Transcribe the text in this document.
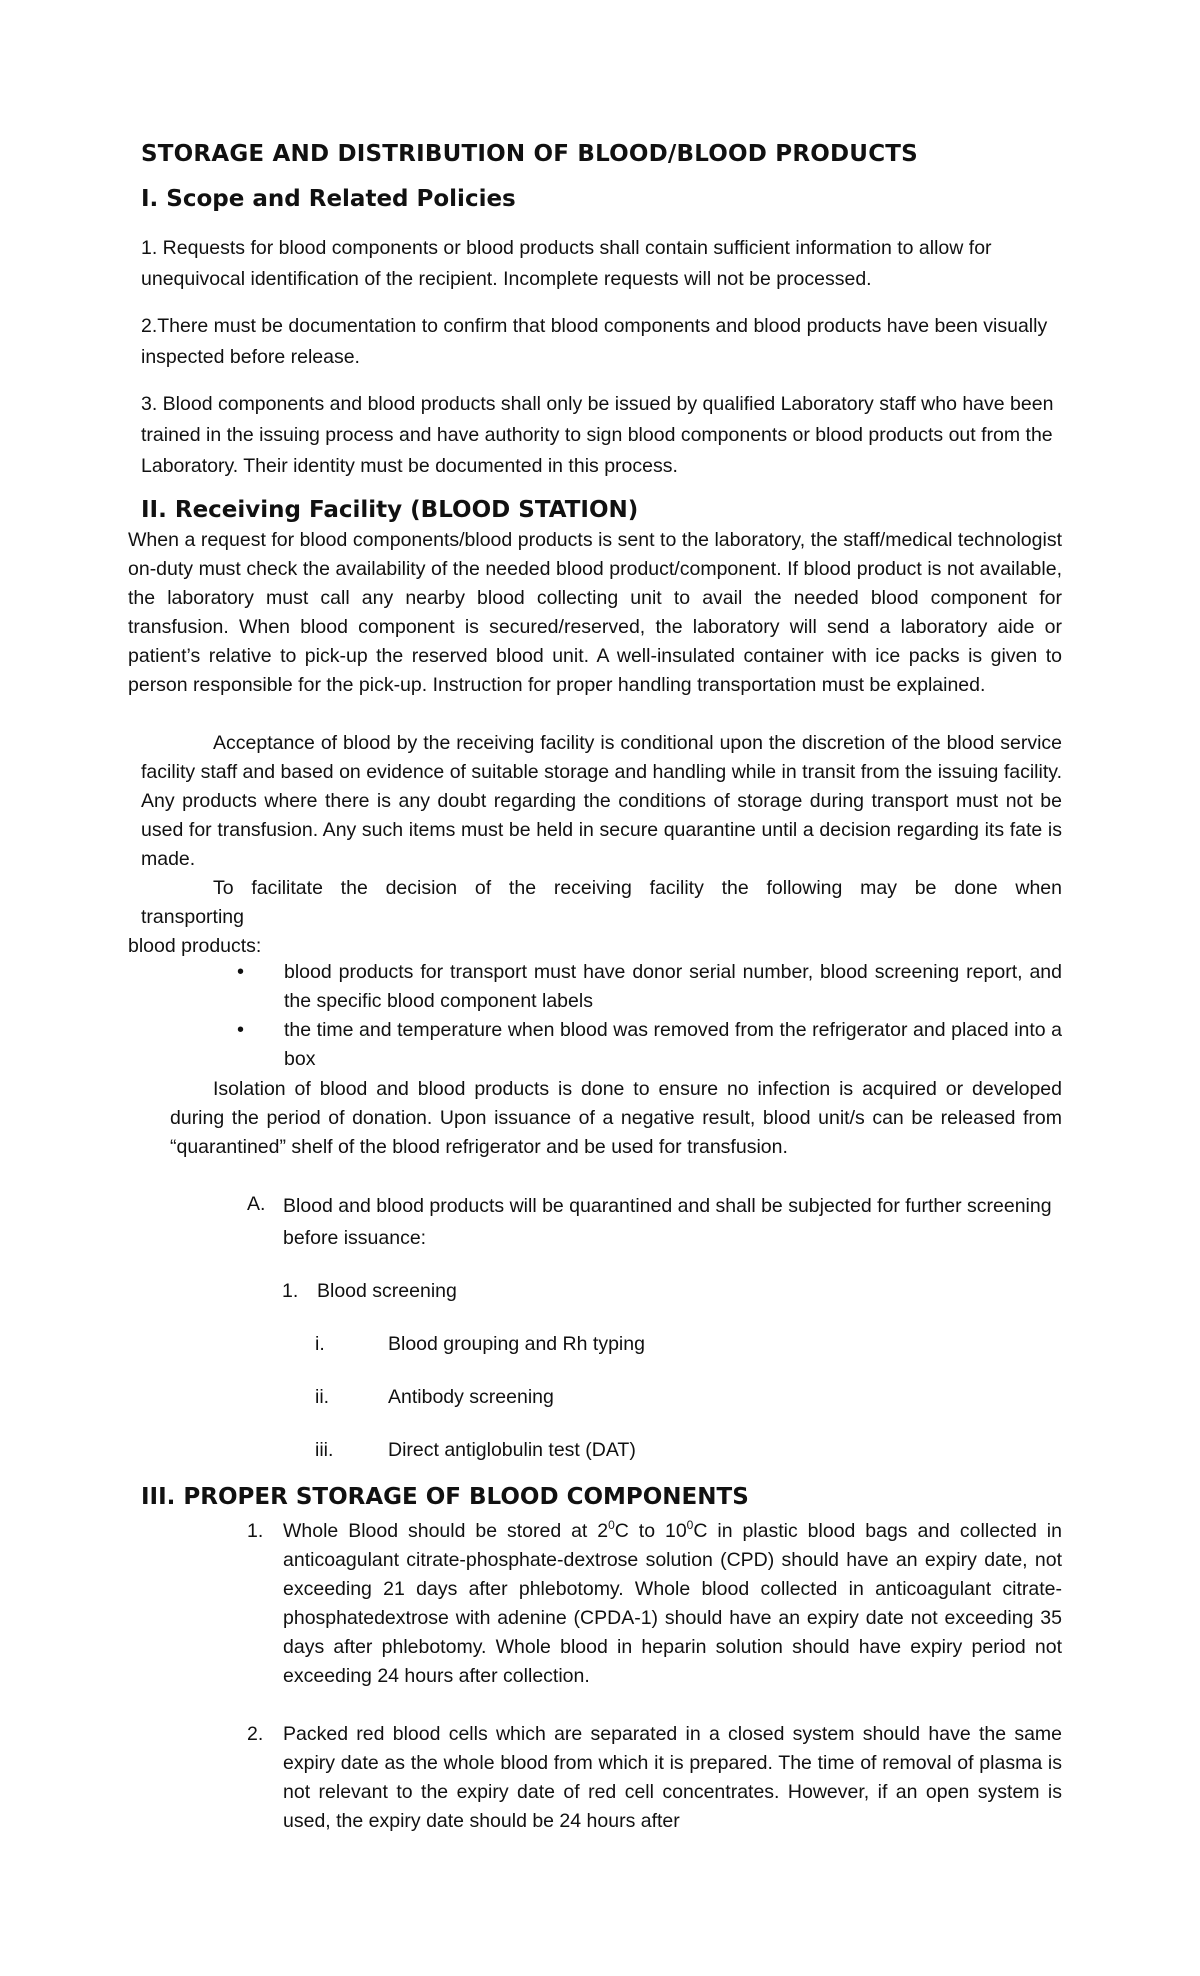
STORAGE AND DISTRIBUTION OF BLOOD/BLOOD PRODUCTS
I. Scope and Related Policies
1. Requests for blood components or blood products shall contain sufficient information to allow for unequivocal identification of the recipient. Incomplete requests will not be processed.
2.There must be documentation to confirm that blood components and blood products have been visually inspected before release.
3. Blood components and blood products shall only be issued by qualified Laboratory staff who have been trained in the issuing process and have authority to sign blood components or blood products out from the Laboratory. Their identity must be documented in this process.
II. Receiving Facility (BLOOD STATION)
When a request for blood components/blood products is sent to the laboratory, the staff/medical technologist on-duty must check the availability of the needed blood product/component. If blood product is not available, the laboratory must call any nearby blood collecting unit to avail the needed blood component for transfusion. When blood component is secured/reserved, the laboratory will send a laboratory aide or patient’s relative to pick-up the reserved blood unit. A well-insulated container with ice packs is given to person responsible for the pick-up. Instruction for proper handling transportation must be explained.
Acceptance of blood by the receiving facility is conditional upon the discretion of the blood service facility staff and based on evidence of suitable storage and handling while in transit from the issuing facility. Any products where there is any doubt regarding the conditions of storage during transport must not be used for transfusion. Any such items must be held in secure quarantine until a decision regarding its fate is made.
To facilitate the decision of the receiving facility the following may be done when
transporting
blood products:
• blood products for transport must have donor serial number, blood screening report, and the specific blood component labels
• the time and temperature when blood was removed from the refrigerator and placed into a box
Isolation of blood and blood products is done to ensure no infection is acquired or developed during the period of donation. Upon issuance of a negative result, blood unit/s can be released from “quarantined” shelf of the blood refrigerator and be used for transfusion.
A. Blood and blood products will be quarantined and shall be subjected for further screening before issuance:
1. Blood screening
i.	Blood grouping and Rh typing
ii.	Antibody screening
iii.	Direct antiglobulin test (DAT)
III. PROPER STORAGE OF BLOOD COMPONENTS
1. Whole Blood should be stored at $2^0C$ to $10^0C$ in plastic blood bags and collected in anticoagulant citrate-phosphate-dextrose solution (CPD) should have an expiry date, not exceeding 21 days after phlebotomy. Whole blood collected in anticoagulant citrate-phosphatedextrose with adenine (CPDA-1) should have an expiry date not exceeding 35 days after phlebotomy. Whole blood in heparin solution should have expiry period not exceeding 24 hours after collection.
2. Packed red blood cells which are separated in a closed system should have the same expiry date as the whole blood from which it is prepared. The time of removal of plasma is not relevant to the expiry date of red cell concentrates. However, if an open system is used, the expiry date should be 24 hours after
